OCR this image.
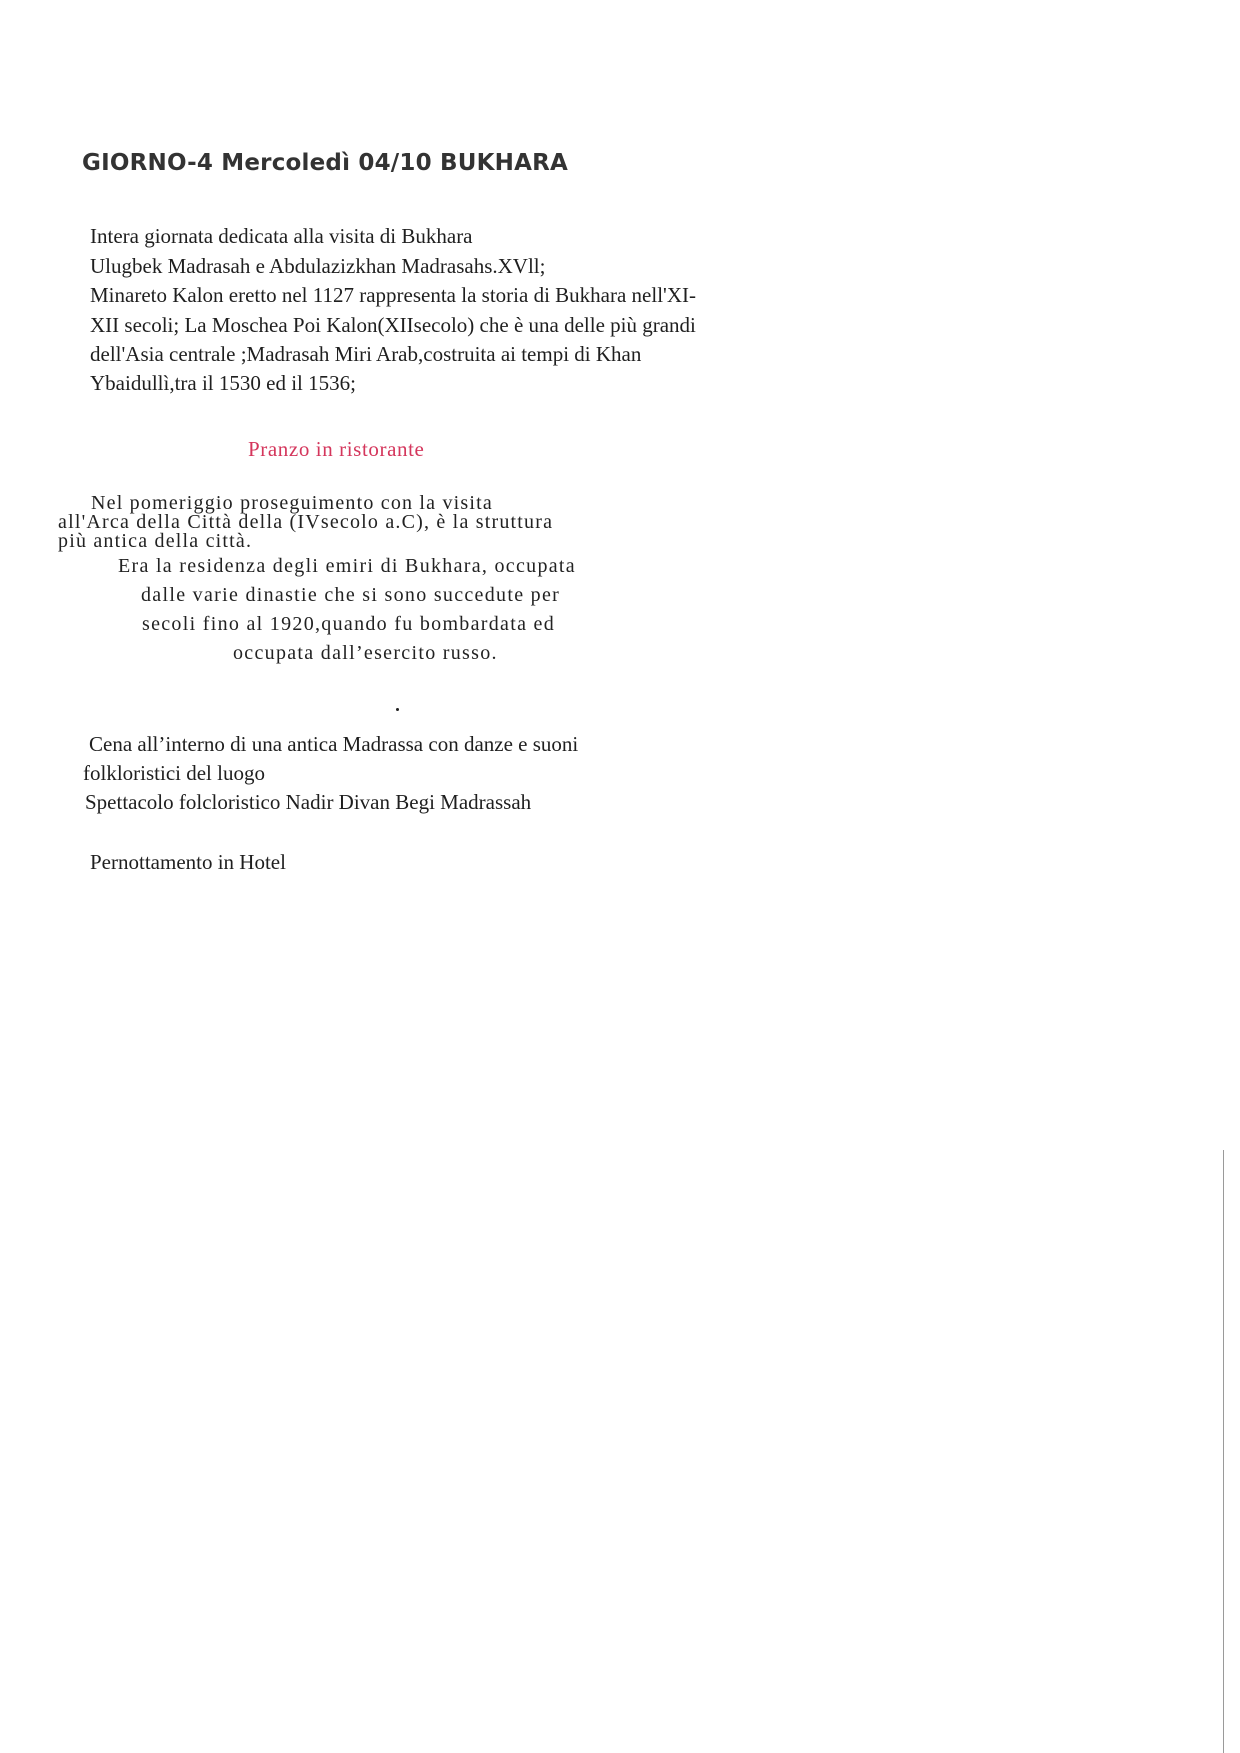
GIORNO-4 Mercoledì 04/10 BUKHARA
Intera giornata dedicata alla visita di Bukhara
Ulugbek Madrasah e Abdulazizkhan Madrasahs.XVll;
Minareto Kalon eretto nel 1127 rappresenta la storia di Bukhara nell'XI-
XII secoli; La Moschea Poi Kalon(XIIsecolo) che è una delle più grandi
dell'Asia centrale ;Madrasah Miri Arab,costruita ai tempi di Khan
Ybaidullì,tra il 1530 ed il 1536;
Pranzo in ristorante
Nel pomeriggio proseguimento con la visita
all'Arca della Città della (IVsecolo a.C), è la struttura
più antica della città.
Era la residenza degli emiri di Bukhara, occupata
dalle varie dinastie che si sono succedute per
secoli fino al 1920,quando fu bombardata ed
occupata dall’esercito russo.
Cena all’interno di una antica Madrassa con danze e suoni
folkloristici del luogo
Spettacolo folcloristico Nadir Divan Begi Madrassah
Pernottamento in Hotel
